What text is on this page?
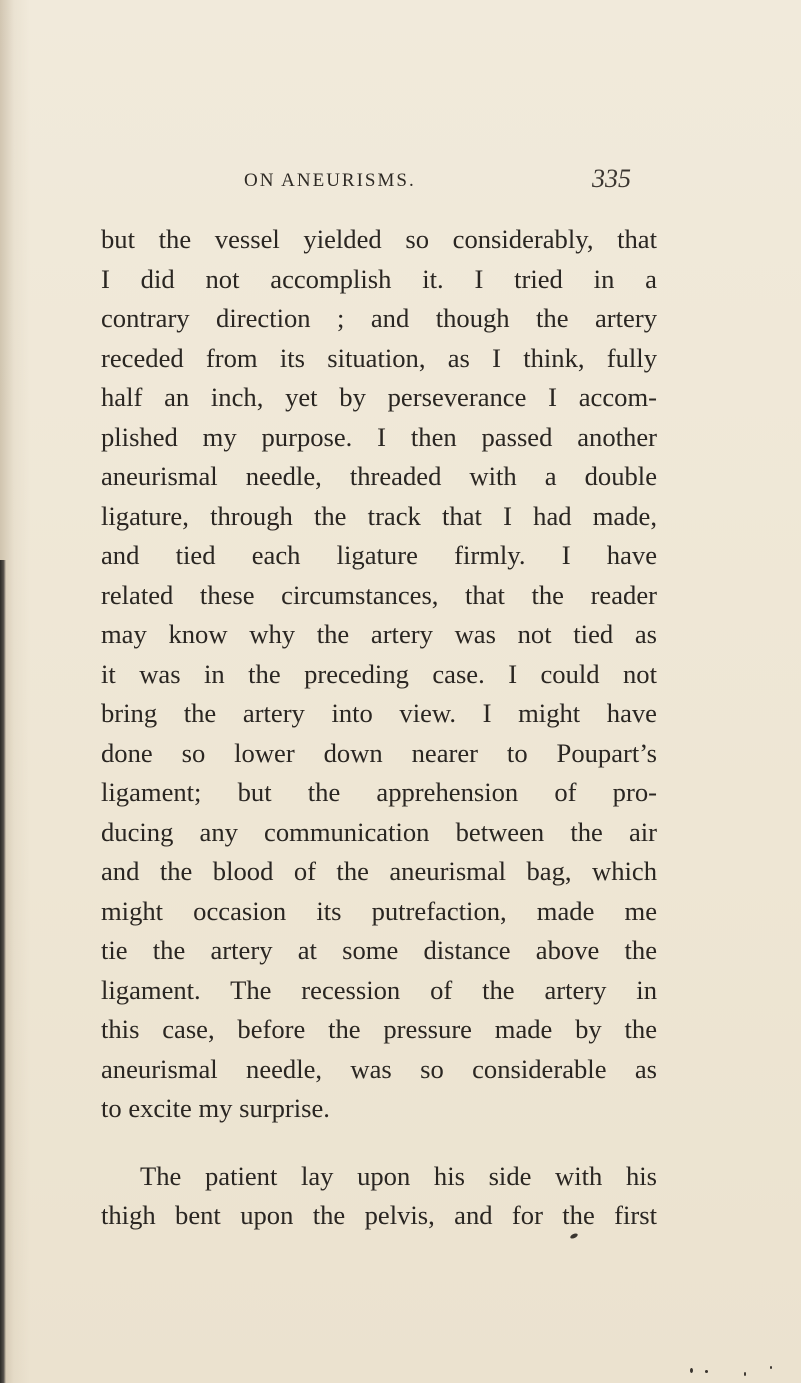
ON ANEURISMS.	335
but the vessel yielded so considerably, that
I did not accomplish it. I tried in a
contrary direction ; and though the artery
receded from its situation, as I think, fully
half an inch, yet by perseverance I accom-
plished my purpose. I then passed another
aneurismal needle, threaded with a double
ligature, through the track that I had made,
and tied each ligature firmly. I have
related these circumstances, that the reader
may know why the artery was not tied as
it was in the preceding case. I could not
bring the artery into view. I might have
done so lower down nearer to Poupart’s
ligament; but the apprehension of pro-
ducing any communication between the air
and the blood of the aneurismal bag, which
might occasion its putrefaction, made me
tie the artery at some distance above the
ligament. The recession of the artery in
this case, before the pressure made by the
aneurismal needle, was so considerable as
to excite my surprise.
The patient lay upon his side with his
thigh bent upon the pelvis, and for the first
